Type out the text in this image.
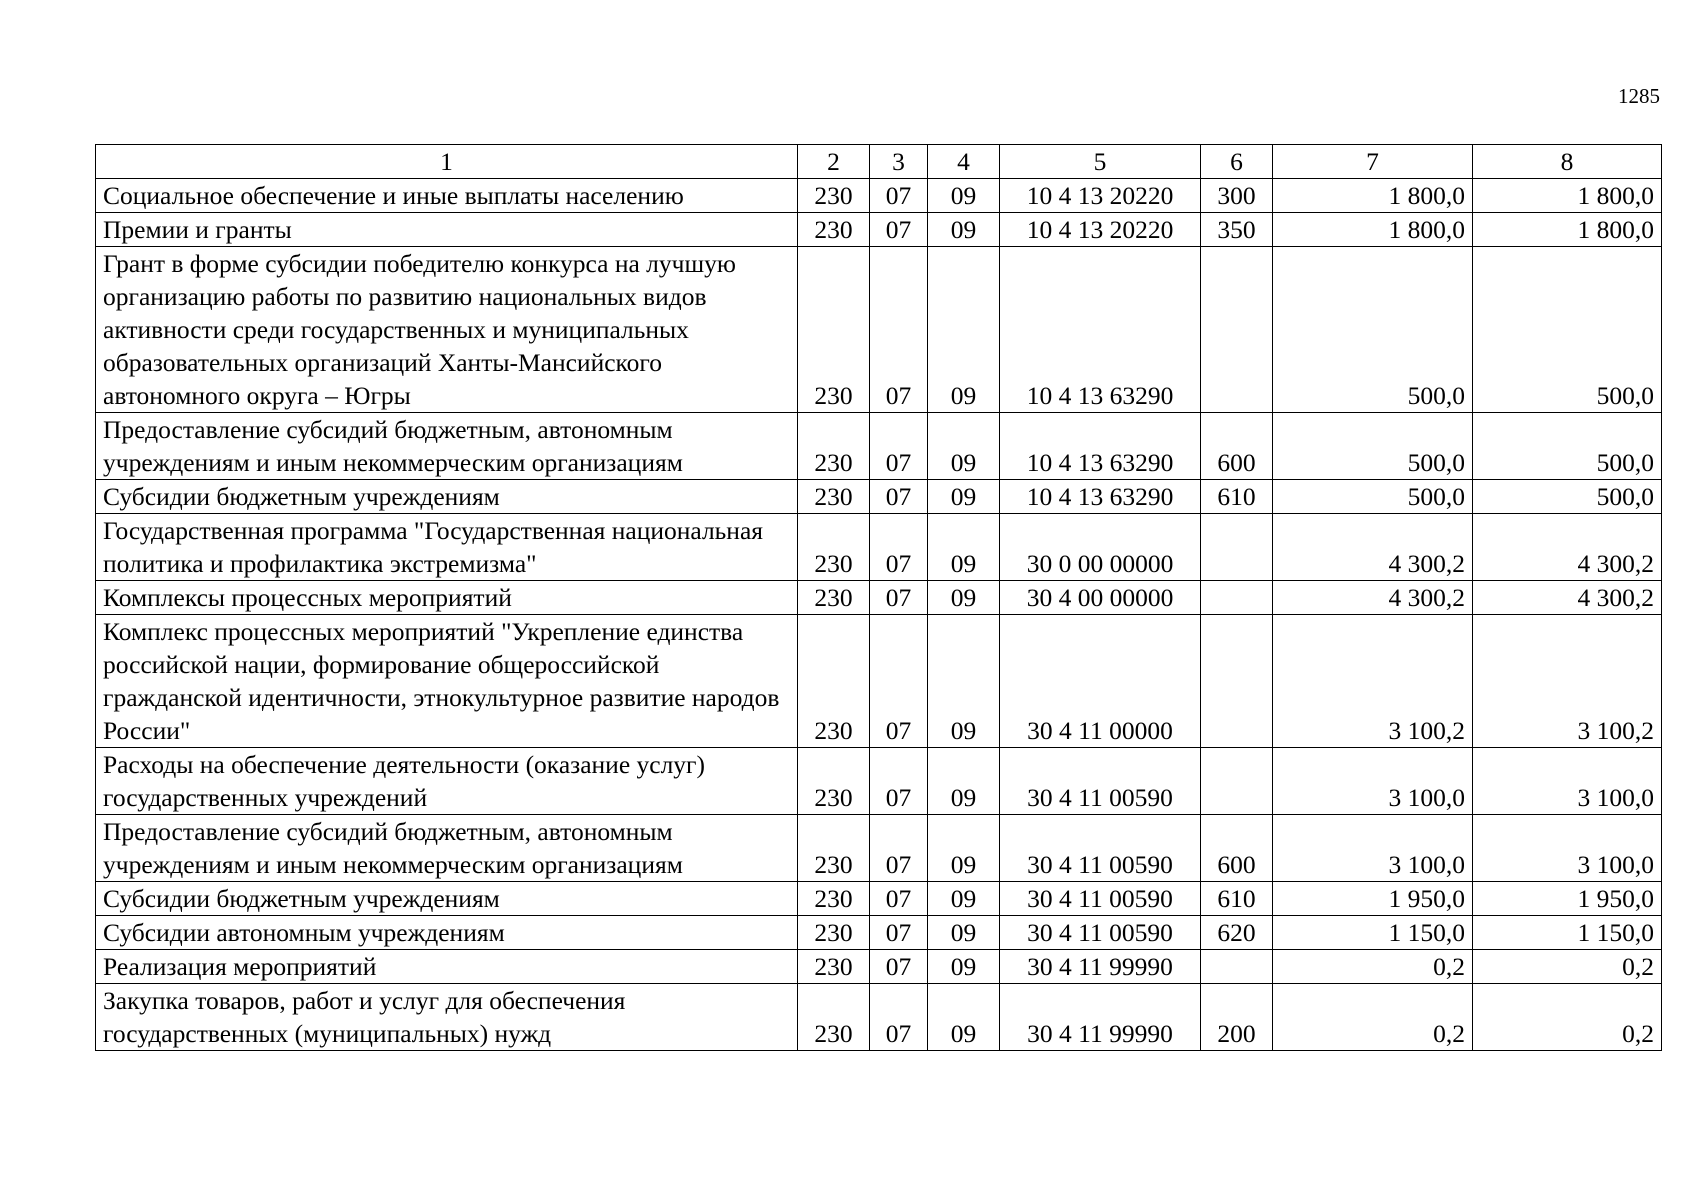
1285
1	2	3	4	5	6	7	8
Социальное обеспечение и иные выплаты населению	230	07	09	10 4 13 20220	300	1 800,0	1 800,0
Премии и гранты	230	07	09	10 4 13 20220	350	1 800,0	1 800,0
Грант в форме субсидии победителю конкурса на лучшую организацию работы по развитию национальных видов активности среди государственных и муниципальных образовательных организаций Ханты-Мансийского автономного округа – Югры	230	07	09	10 4 13 63290		500,0	500,0
Предоставление субсидий бюджетным, автономным учреждениям и иным некоммерческим организациям	230	07	09	10 4 13 63290	600	500,0	500,0
Субсидии бюджетным учреждениям	230	07	09	10 4 13 63290	610	500,0	500,0
Государственная программа "Государственная национальная политика и профилактика экстремизма"	230	07	09	30 0 00 00000		4 300,2	4 300,2
Комплексы процессных мероприятий	230	07	09	30 4 00 00000		4 300,2	4 300,2
Комплекс процессных мероприятий "Укрепление единства российской нации, формирование общероссийской гражданской идентичности, этнокультурное развитие народов России"	230	07	09	30 4 11 00000		3 100,2	3 100,2
Расходы на обеспечение деятельности (оказание услуг) государственных учреждений	230	07	09	30 4 11 00590		3 100,0	3 100,0
Предоставление субсидий бюджетным, автономным учреждениям и иным некоммерческим организациям	230	07	09	30 4 11 00590	600	3 100,0	3 100,0
Субсидии бюджетным учреждениям	230	07	09	30 4 11 00590	610	1 950,0	1 950,0
Субсидии автономным учреждениям	230	07	09	30 4 11 00590	620	1 150,0	1 150,0
Реализация мероприятий	230	07	09	30 4 11 99990		0,2	0,2
Закупка товаров, работ и услуг для обеспечения государственных (муниципальных) нужд	230	07	09	30 4 11 99990	200	0,2	0,2
